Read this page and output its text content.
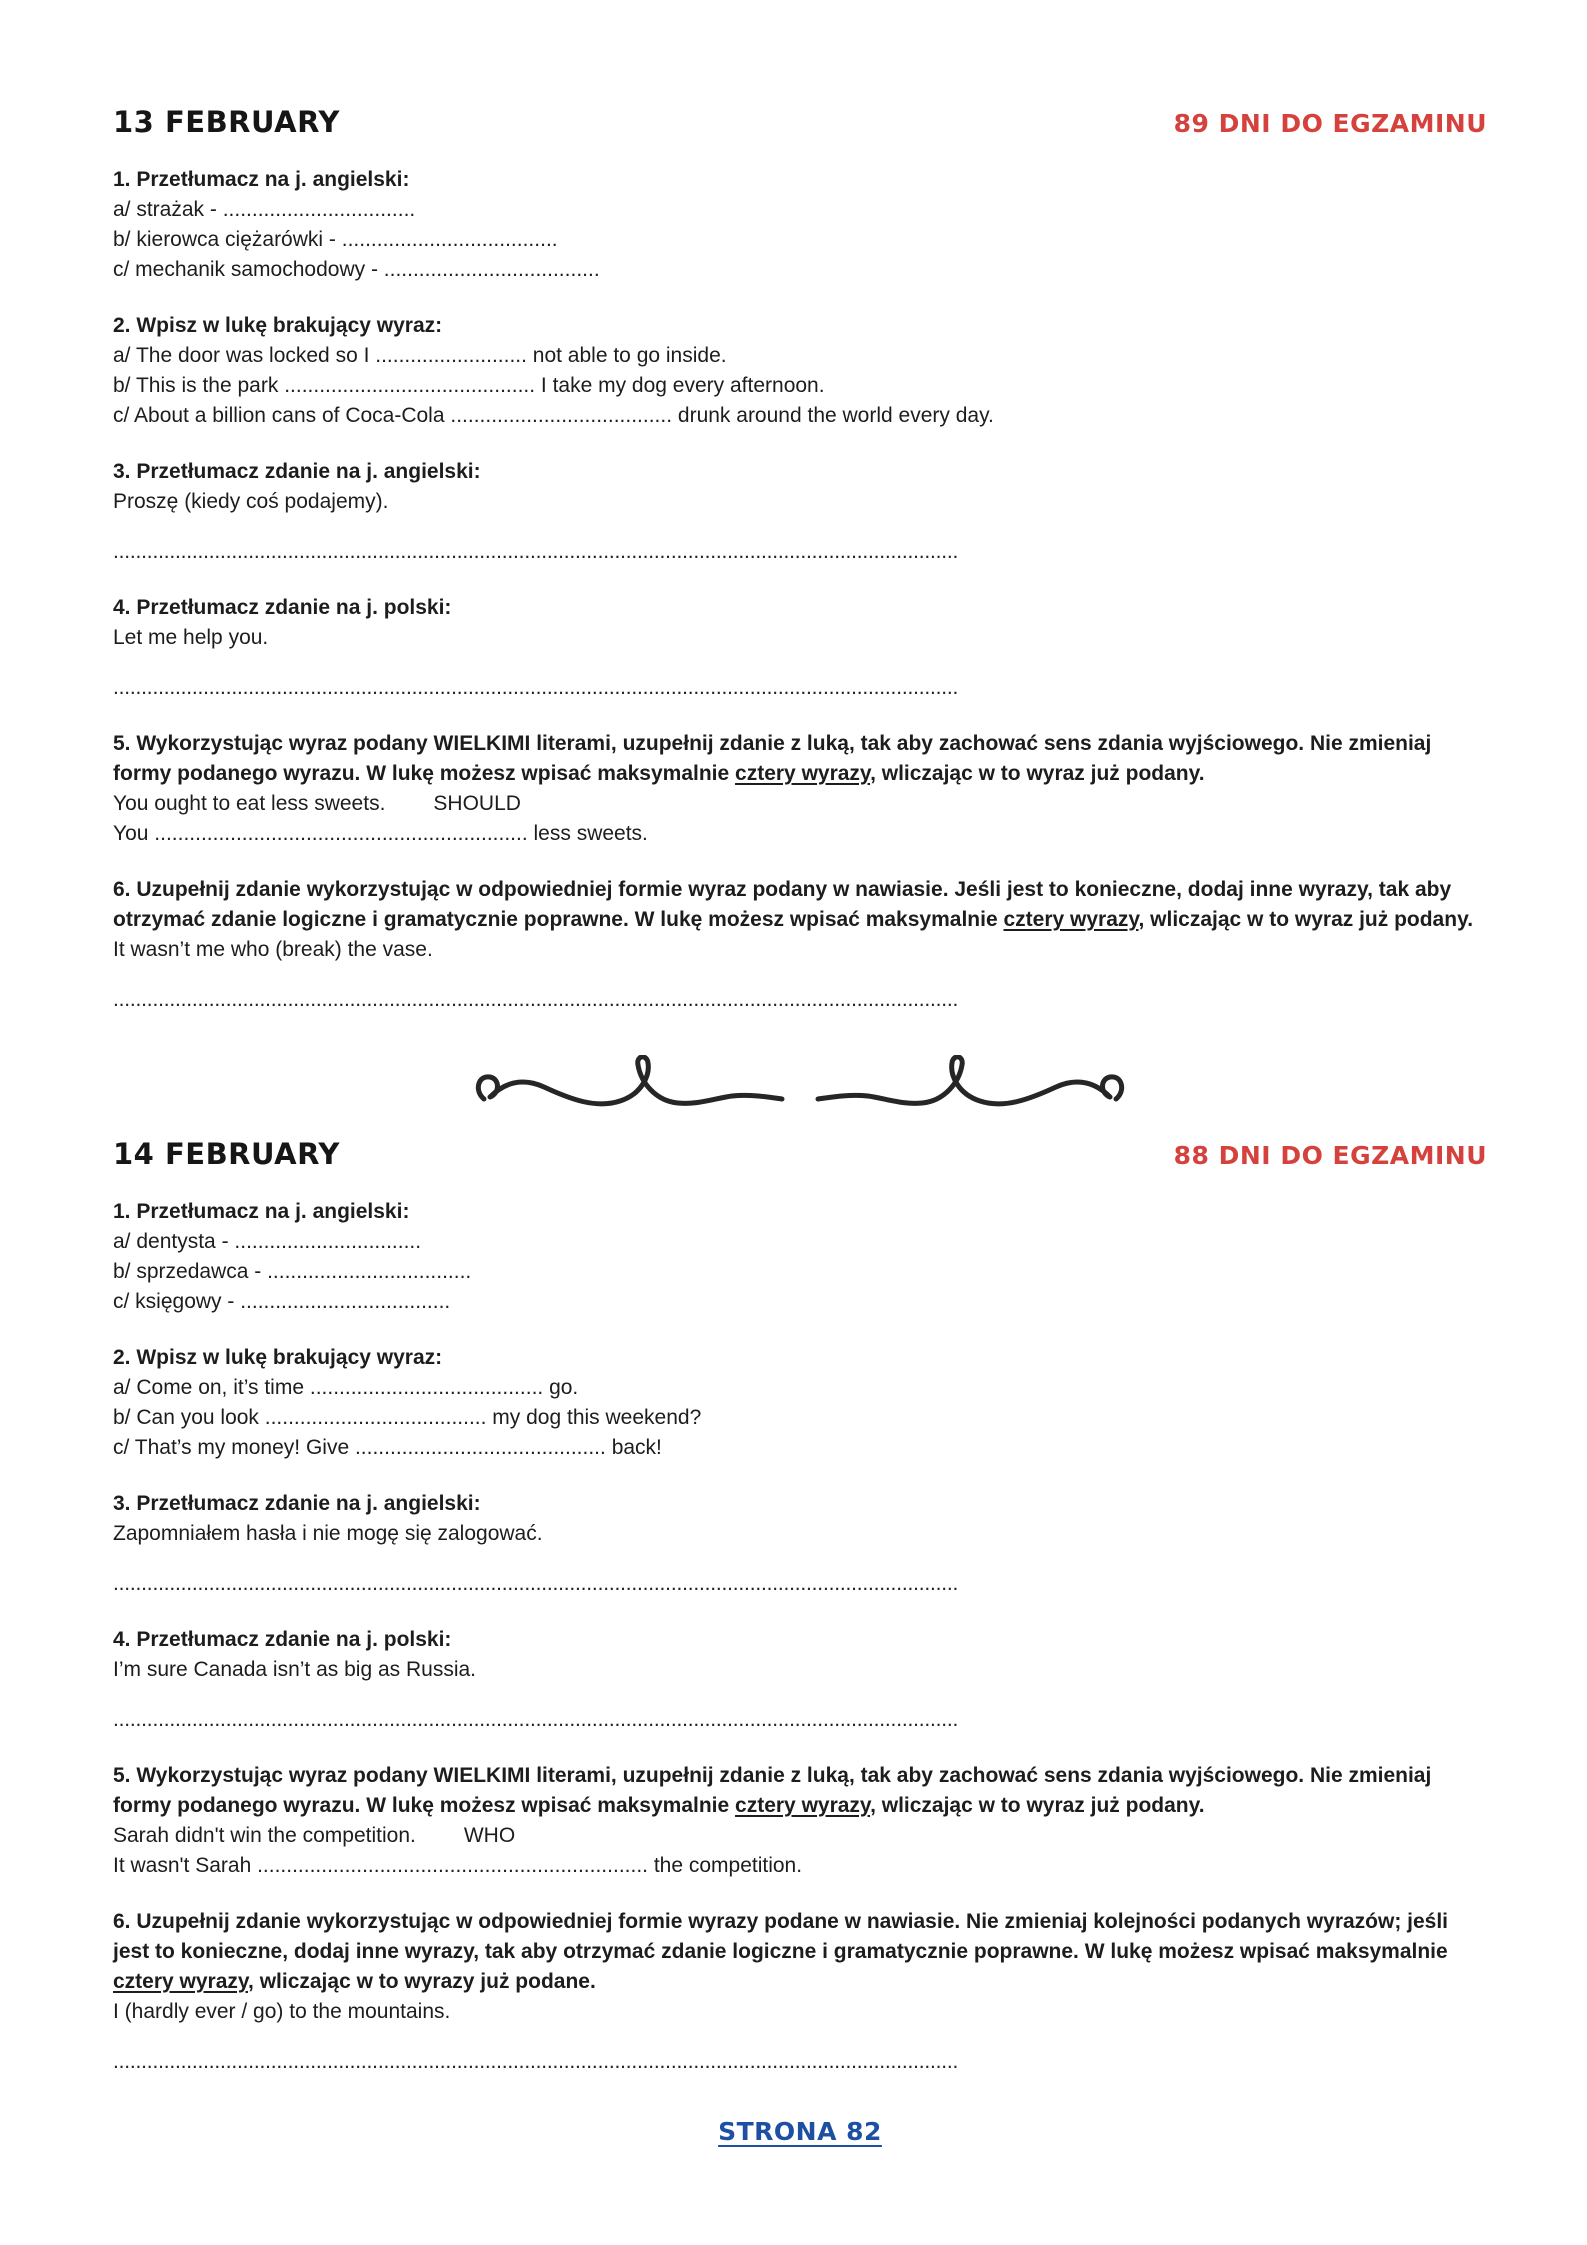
13 FEBRUARY	89 DNI DO EGZAMINU
1. Przetłumacz na j. angielski:
a/ strażak - .................................
b/ kierowca ciężarówki - .....................................
c/ mechanik samochodowy - .....................................
2. Wpisz w lukę brakujący wyraz:
a/ The door was locked so I .......................... not able to go inside.
b/ This is the park ........................................... I take my dog every afternoon.
c/ About a billion cans of Coca-Cola ...................................... drunk around the world every day.
3. Przetłumacz zdanie na j. angielski:
Proszę (kiedy coś podajemy).
......................................................................................................................................................
4. Przetłumacz zdanie na j. polski:
Let me help you.
......................................................................................................................................................
5. Wykorzystując wyraz podany WIELKIMI literami, uzupełnij zdanie z luką, tak aby zachować sens zdania wyjściowego. Nie zmieniaj formy podanego wyrazu. W lukę możesz wpisać maksymalnie cztery wyrazy, wliczając w to wyraz już podany.
You ought to eat less sweets. SHOULD
You ................................................................ less sweets.
6. Uzupełnij zdanie wykorzystując w odpowiedniej formie wyraz podany w nawiasie. Jeśli jest to konieczne, dodaj inne wyrazy, tak aby otrzymać zdanie logiczne i gramatycznie poprawne. W lukę możesz wpisać maksymalnie cztery wyrazy, wliczając w to wyraz już podany.
It wasn’t me who (break) the vase.
......................................................................................................................................................
14 FEBRUARY	88 DNI DO EGZAMINU
1. Przetłumacz na j. angielski:
a/ dentysta - ................................
b/ sprzedawca - ...................................
c/ księgowy - ....................................
2. Wpisz w lukę brakujący wyraz:
a/ Come on, it’s time ........................................ go.
b/ Can you look ...................................... my dog this weekend?
c/ That’s my money! Give ........................................... back!
3. Przetłumacz zdanie na j. angielski:
Zapomniałem hasła i nie mogę się zalogować.
......................................................................................................................................................
4. Przetłumacz zdanie na j. polski:
I’m sure Canada isn’t as big as Russia.
......................................................................................................................................................
5. Wykorzystując wyraz podany WIELKIMI literami, uzupełnij zdanie z luką, tak aby zachować sens zdania wyjściowego. Nie zmieniaj formy podanego wyrazu. W lukę możesz wpisać maksymalnie cztery wyrazy, wliczając w to wyraz już podany.
Sarah didn't win the competition. WHO
It wasn't Sarah ................................................................... the competition.
6. Uzupełnij zdanie wykorzystując w odpowiedniej formie wyrazy podane w nawiasie. Nie zmieniaj kolejności podanych wyrazów; jeśli jest to konieczne, dodaj inne wyrazy, tak aby otrzymać zdanie logiczne i gramatycznie poprawne. W lukę możesz wpisać maksymalnie cztery wyrazy, wliczając w to wyrazy już podane.
I (hardly ever / go) to the mountains.
......................................................................................................................................................
STRONA 82
